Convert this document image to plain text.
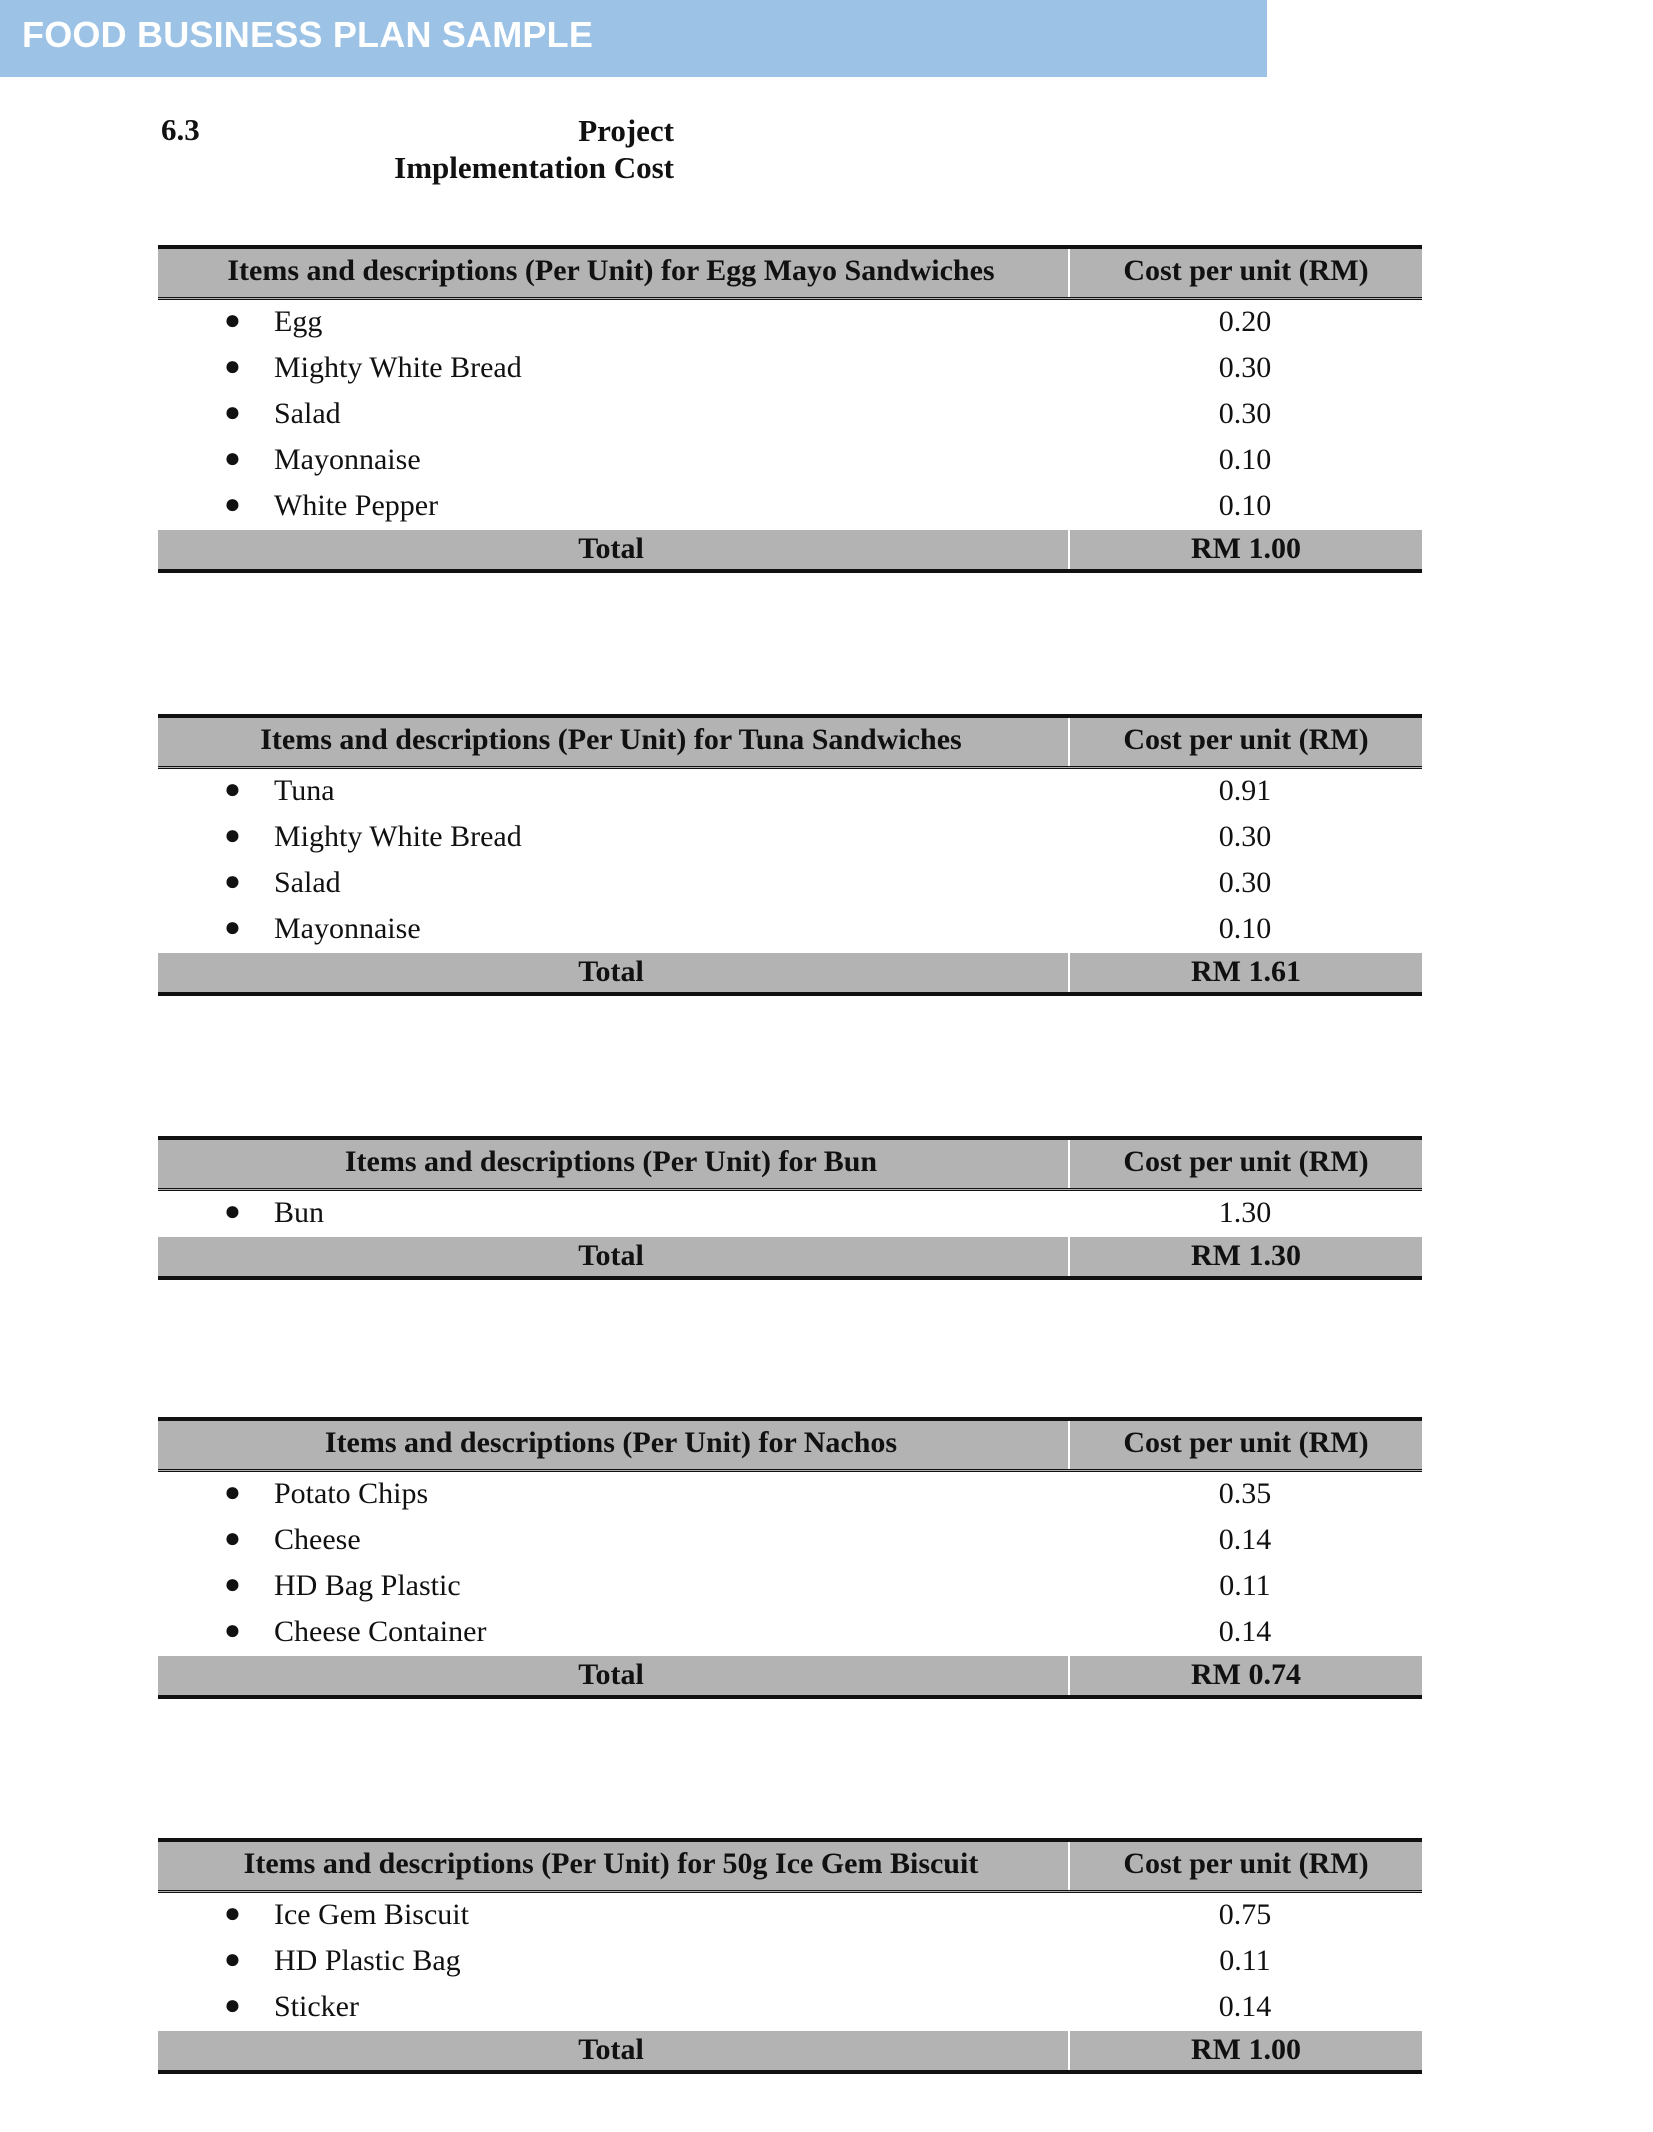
FOOD BUSINESS PLAN SAMPLE
6.3	Project
Implementation Cost
Items and descriptions (Per Unit) for Egg Mayo Sandwiches	Cost per unit (RM)
● Egg	0.20
● Mighty White Bread	0.30
● Salad	0.30
● Mayonnaise	0.10
● White Pepper	0.10
Total	RM 1.00
Items and descriptions (Per Unit) for Tuna Sandwiches	Cost per unit (RM)
● Tuna	0.91
● Mighty White Bread	0.30
● Salad	0.30
● Mayonnaise	0.10
Total	RM 1.61
Items and descriptions (Per Unit) for Bun	Cost per unit (RM)
● Bun	1.30
Total	RM 1.30
Items and descriptions (Per Unit) for Nachos	Cost per unit (RM)
● Potato Chips	0.35
● Cheese	0.14
● HD Bag Plastic	0.11
● Cheese Container	0.14
Total	RM 0.74
Items and descriptions (Per Unit) for 50g Ice Gem Biscuit	Cost per unit (RM)
● Ice Gem Biscuit	0.75
● HD Plastic Bag	0.11
● Sticker	0.14
Total	RM 1.00
